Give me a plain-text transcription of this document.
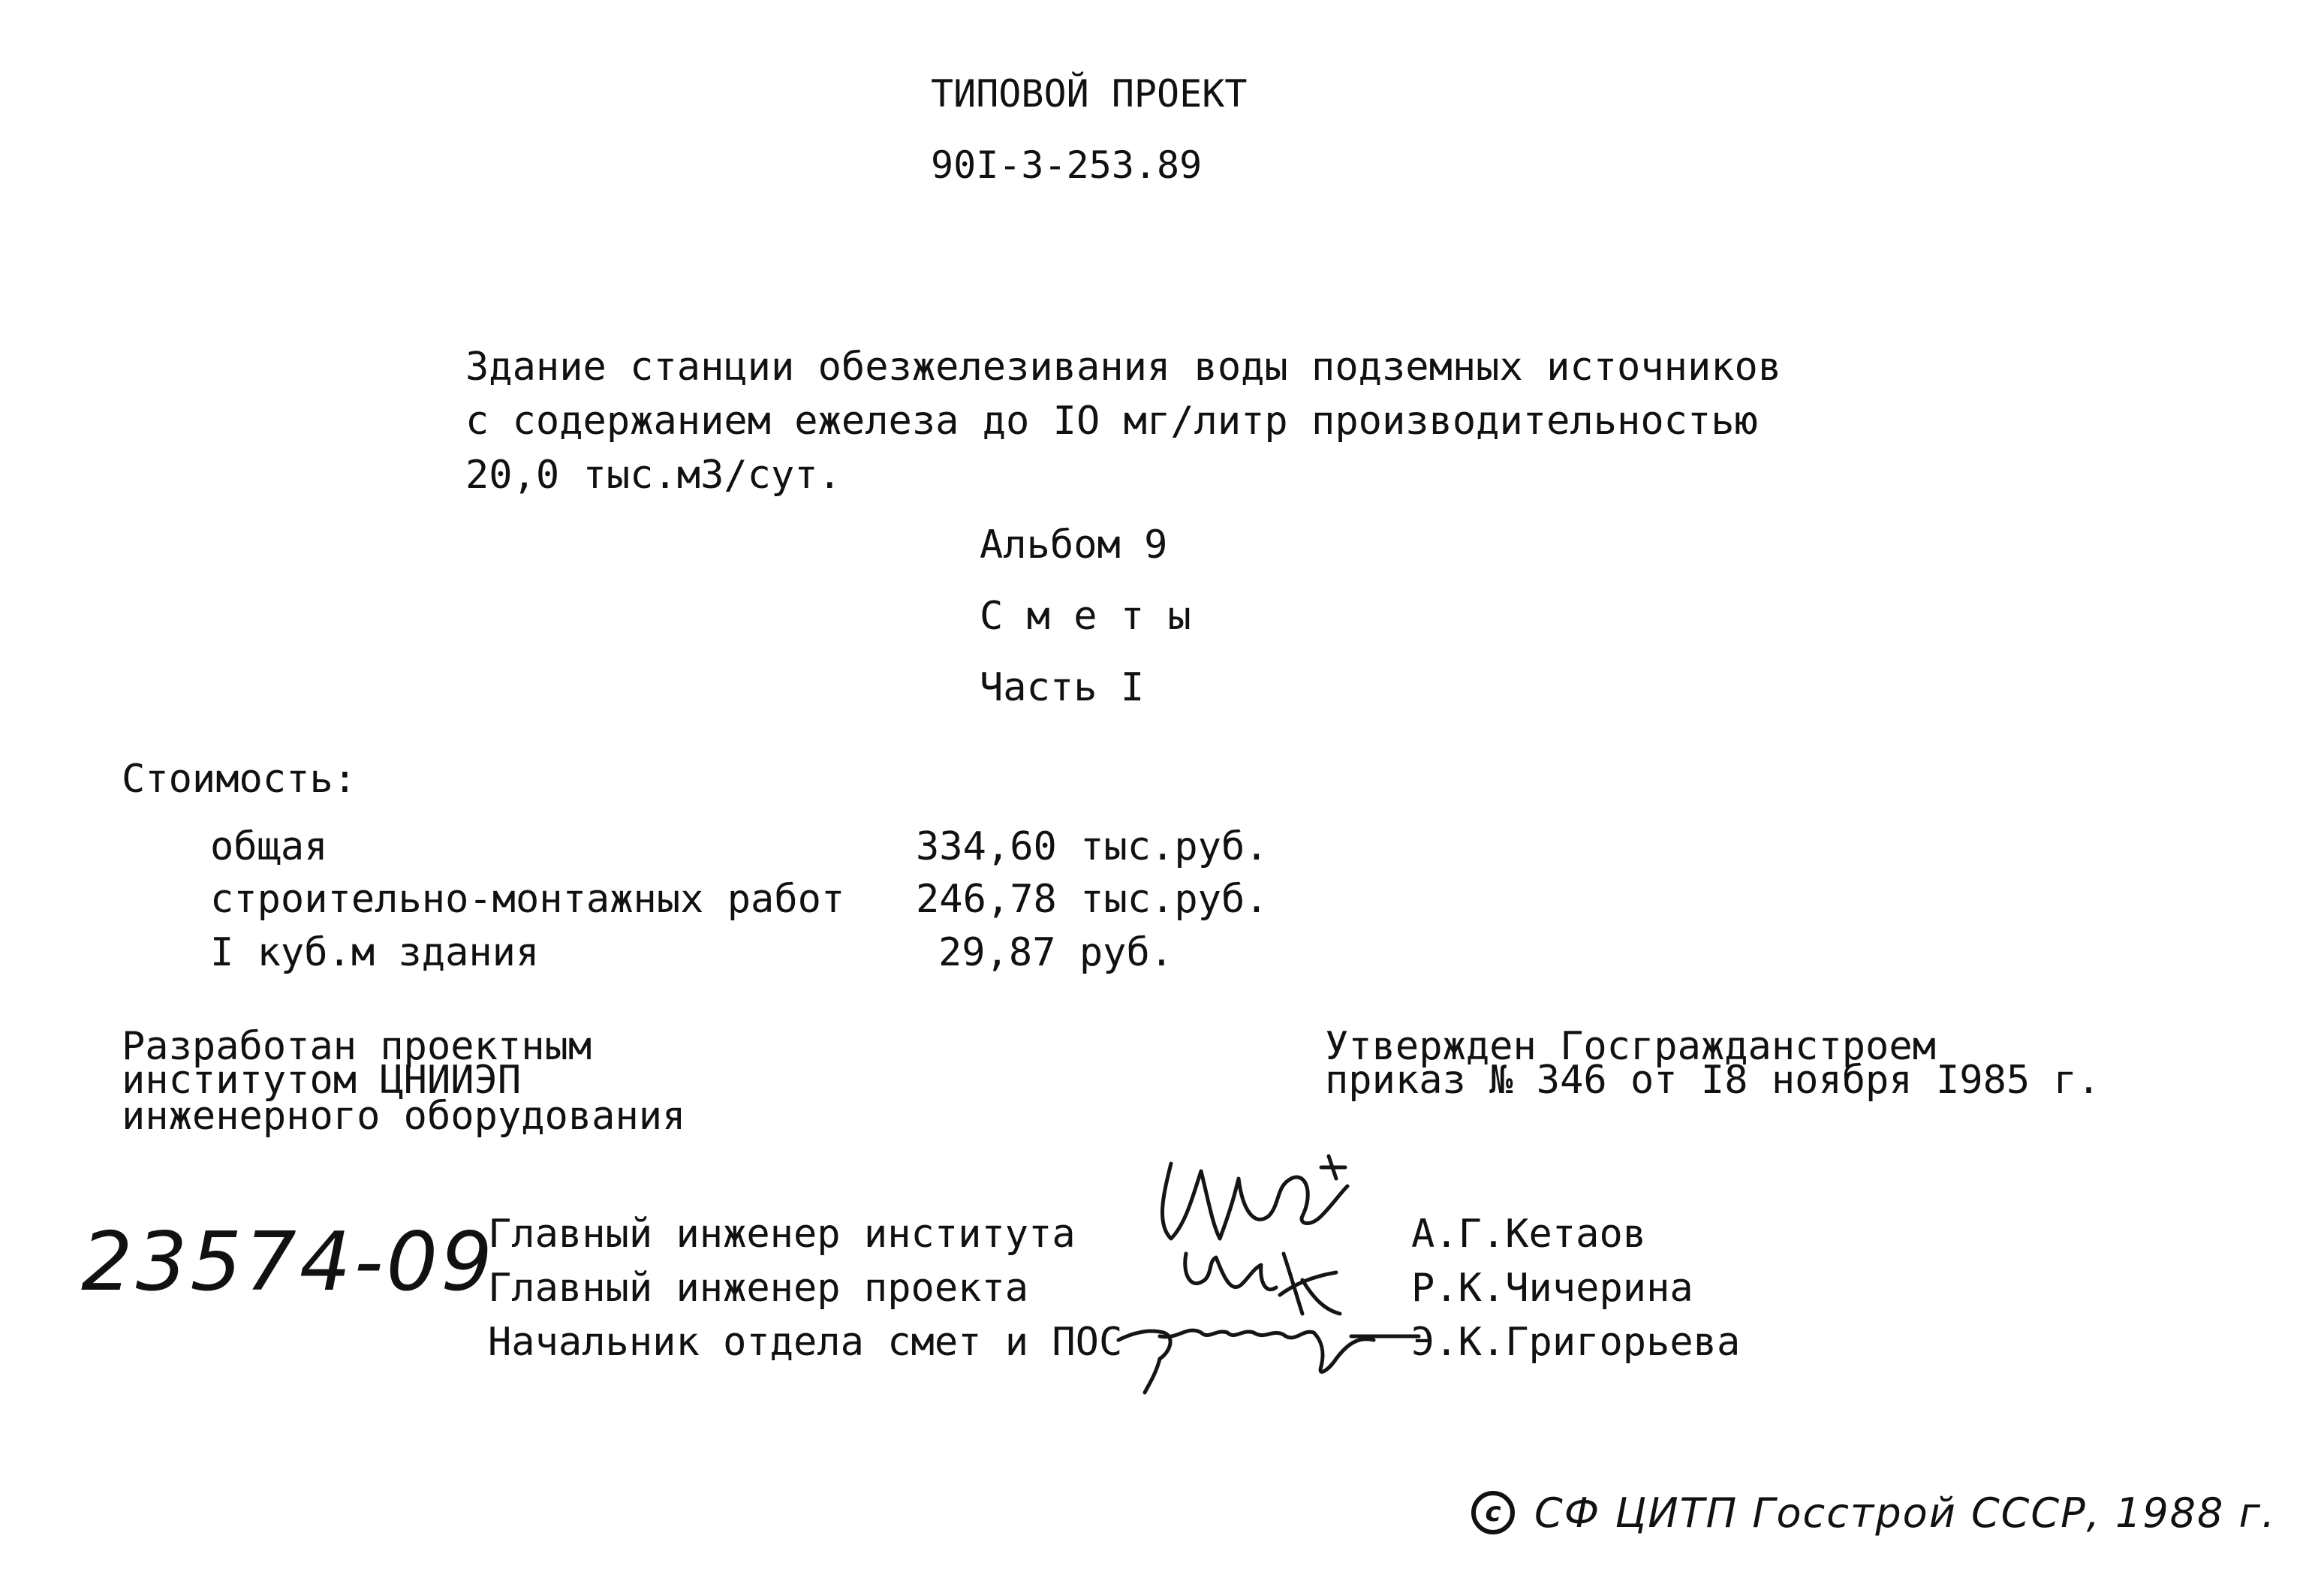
ТИПОВОЙ ПРОЕКТ
90I-3-253.89
Здание станции обезжелезивания воды подземных источников
с содержанием ежелеза до IO мг/литр производительностью
20,0 тыс.м3/сут.
Альбом 9
С м е т ы
Часть I
Стоимость:
общая	334,60 тыс.руб.
строительно-монтажных работ 246,78 тыс.руб.
I куб.м здания	29,87 руб.
Разработан проектным
институтом ЦНИИЭП
инженерного оборудования
Утвержден Госгражданстроем
приказ № 346 от I8 ноября I985 г.
23574-09
Главный инженер института
Главный инженер проекта
Начальник отдела смет и ПОС
А.Г.Кетаов
Р.К.Чичерина
Э.К.Григорьева
с СФ ЦИТП Госстрой СССР, 1988 г.
